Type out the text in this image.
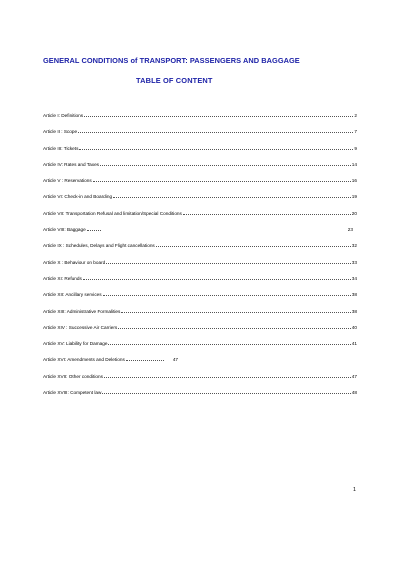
GENERAL CONDITIONS of TRANSPORT: PASSENGERS AND BAGGAGE
TABLE OF CONTENT
Article I: Definitions	2
Article II : Scope	7
Article III: Tickets	9
Article IV: Rates and Taxes	14
Article V : Reservations	16
Article VI: Check-in and Boarding	19
Article VII: Transportation Refusal and limitation/Special Conditions	20
Article VIII: Baggage	23
Article IX : Schedules, Delays and Flight cancellations	32
Article X : Behaviour on board	33
Article XI: Refunds	34
Article XII: Ancillary services	38
Article XIII: Administrative Formalities	38
Article XIV : Successive Air Carriers	40
Article XV: Liability for Damage	41
Article XVI: Amendments and Deletions	47
Article XVII: Other conditions	47
Article XVIII: Competent law	48
1
